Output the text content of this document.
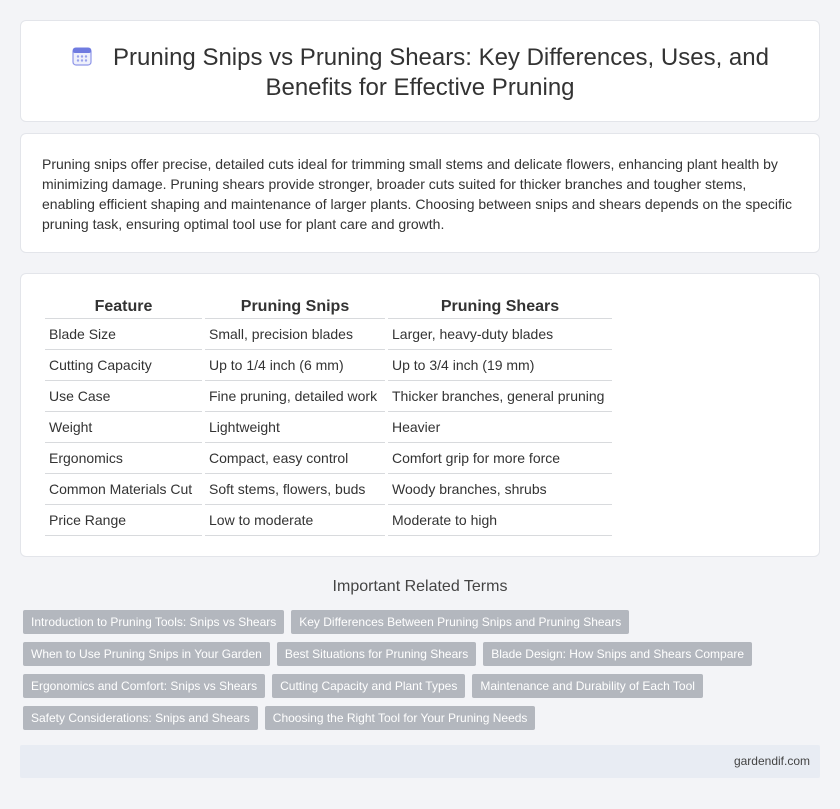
Pruning Snips vs Pruning Shears: Key Differences, Uses, and Benefits for Effective Pruning

Pruning snips offer precise, detailed cuts ideal for trimming small stems and delicate flowers, enhancing plant health by minimizing damage. Pruning shears provide stronger, broader cuts suited for thicker branches and tougher stems, enabling efficient shaping and maintenance of larger plants. Choosing between snips and shears depends on the specific pruning task, ensuring optimal tool use for plant care and growth.

Feature	Pruning Snips	Pruning Shears
Blade Size	Small, precision blades	Larger, heavy-duty blades
Cutting Capacity	Up to 1/4 inch (6 mm)	Up to 3/4 inch (19 mm)
Use Case	Fine pruning, detailed work	Thicker branches, general pruning
Weight	Lightweight	Heavier
Ergonomics	Compact, easy control	Comfort grip for more force
Common Materials Cut	Soft stems, flowers, buds	Woody branches, shrubs
Price Range	Low to moderate	Moderate to high
Important Related Terms
Introduction to Pruning Tools: Snips vs Shears	Key Differences Between Pruning Snips and Pruning Shears
When to Use Pruning Snips in Your Garden	Best Situations for Pruning Shears	Blade Design: How Snips and Shears Compare
Ergonomics and Comfort: Snips vs Shears	Cutting Capacity and Plant Types	Maintenance and Durability of Each Tool
Safety Considerations: Snips and Shears	Choosing the Right Tool for Your Pruning Needs
gardendif.com
